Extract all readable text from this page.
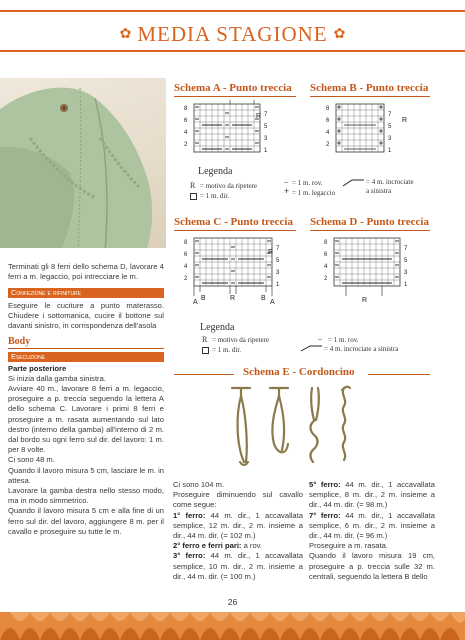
✿ MEDIA STAGIONE ✿
Schema A - Punto treccia
8
7
6
5
4
3
2
1
R
Schema B - Punto treccia
8
7
6
5
4
3
2
1
R
Legenda
R = motivo da ripetere
= 1 m. dir.
– = 1 m. rov.
+ = 1 m. legaccio
= 4 m. incrociate
a sinistra
Schema C - Punto treccia
8
7
6
5
4
3
2
1
R
A
B	R	B
A
Schema D - Punto treccia
8
7
6
5
4
3
2
1
R
Legenda
R = motivo da ripetere
= 1 m. dir.
– = 1 m. rov.
= 4 m. incrociate a sinistra
Schema E - Cordoncino

Terminati gli 8 ferri dello schema D, lavorare 4 ferri a m. legaccio, poi intrecciare le m.

Confezione e rifiniture

Eseguire le cuciture a punto materasso. Chiudere i sottomanica, cucire il bottone sul davanti sinistro, in corrispondenza dell'asola

Body
Esecuzione

Parte posteriore

Si inizia dalla gamba sinistra.

Avviare 40 m., lavorare 8 ferri a m. legaccio, proseguire a p. treccia seguendo la lettera A dello schema C. Lavorare i primi 8 ferri e proseguire a m. rasata aumentando sul lato destro (interno della gamba) all'interno di 2 m. dal bordo su ogni ferro sul dir. del lavoro: 1 m. per 8 volte.

Ci sono 48 m.

Quando il lavoro misura 5 cm, lasciare le m. in attesa.

Lavorare la gamba destra nello stesso modo, ma in modo simmetrico.

Quando il lavoro misura 5 cm e alla fine di un ferro sul dir. del lavoro, aggiungere 8 m. per il cavallo e proseguire su tutte le m.

Ci sono 104 m.

Proseguire diminuendo sul cavallo come segue:

1° ferro: 44 m. dir., 1 accavallata semplice, 12 m. dir., 2 m. insieme a dir., 44 m. dir. (= 102 m.)

2° ferro e ferri pari: a rov.

3° ferro: 44 m. dir., 1 accavallata semplice, 10 m. dir., 2 m. insieme a dir., 44 m. dir. (= 100 m.)

5° ferro: 44 m. dir., 1 accavallata semplice, 8 m. dir., 2 m. insieme a dir., 44 m. dir. (= 98 m.)

7° ferro: 44 m. dir., 1 accavallata semplice, 6 m. dir., 2 m. insieme a dir., 44 m. dir. (= 96 m.)

Proseguire a m. rasata.

Quando il lavoro misura 19 cm, proseguire a p. treccia sulle 32 m. centrali, seguendo la lettera B dello

26
